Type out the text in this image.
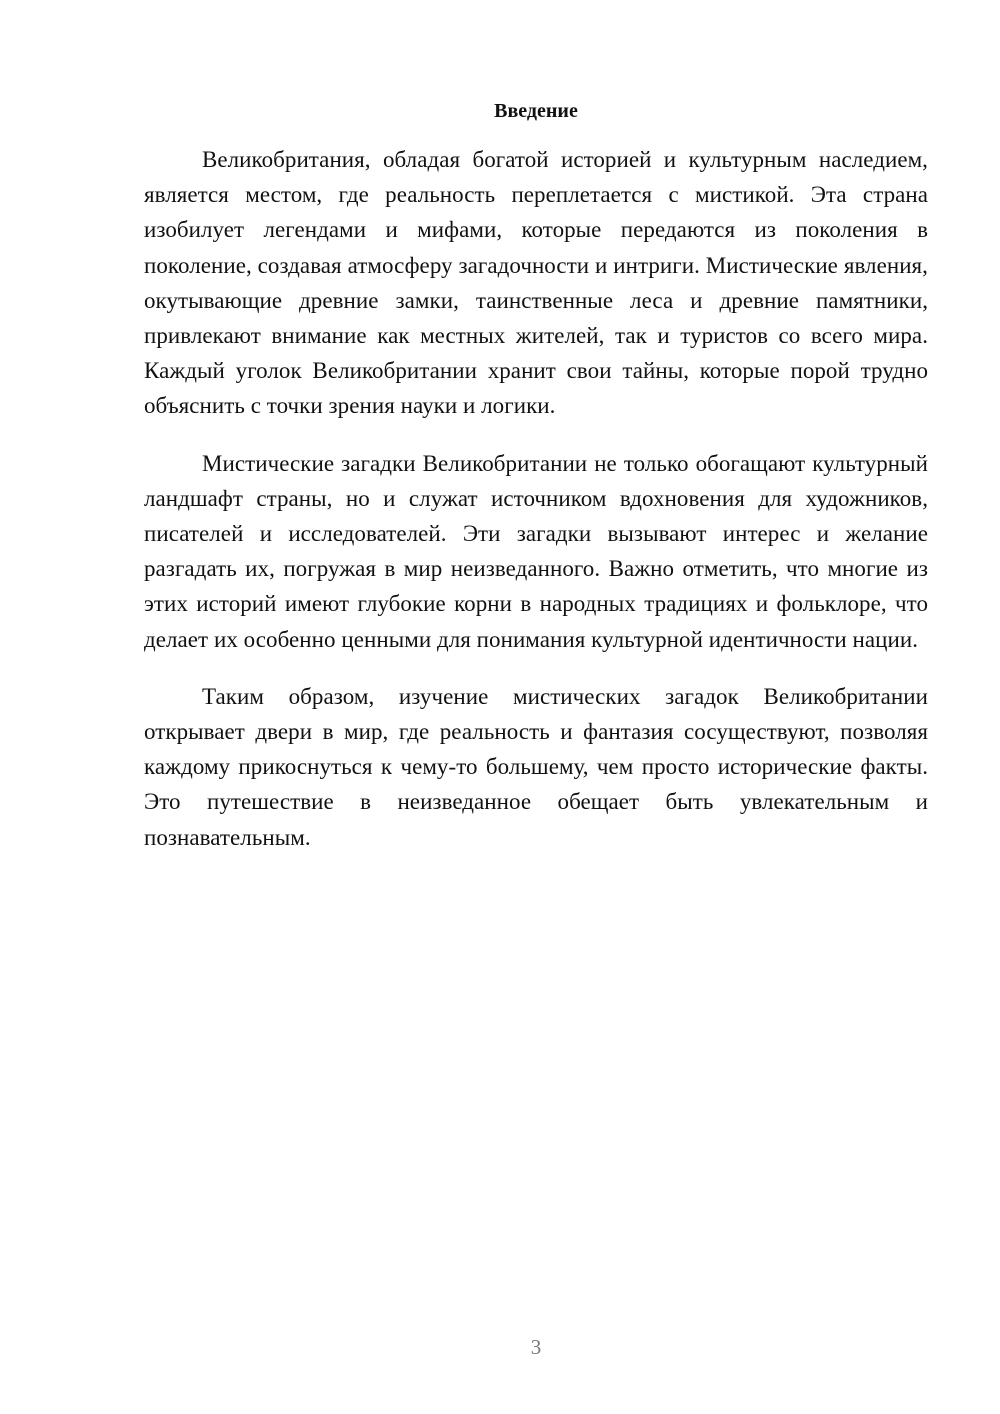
Введение

Великобритания, обладая богатой историей и культурным наследием, является местом, где реальность переплетается с мистикой. Эта страна изобилует легендами и мифами, которые передаются из поколения в поколение, создавая атмосферу загадочности и интриги. Мистические явления, окутывающие древние замки, таинственные леса и древние памятники, привлекают внимание как местных жителей, так и туристов со всего мира. Каждый уголок Великобритании хранит свои тайны, которые порой трудно объяснить с точки зрения науки и логики.

Мистические загадки Великобритании не только обогащают культурный ландшафт страны, но и служат источником вдохновения для художников, писателей и исследователей. Эти загадки вызывают интерес и желание разгадать их, погружая в мир неизведанного. Важно отметить, что многие из этих историй имеют глубокие корни в народных традициях и фольклоре, что делает их особенно ценными для понимания культурной идентичности нации.

Таким образом, изучение мистических загадок Великобритании открывает двери в мир, где реальность и фантазия сосуществуют, позволяя каждому прикоснуться к чему-то большему, чем просто исторические факты. Это путешествие в неизведанное обещает быть увлекательным и познавательным.

3
